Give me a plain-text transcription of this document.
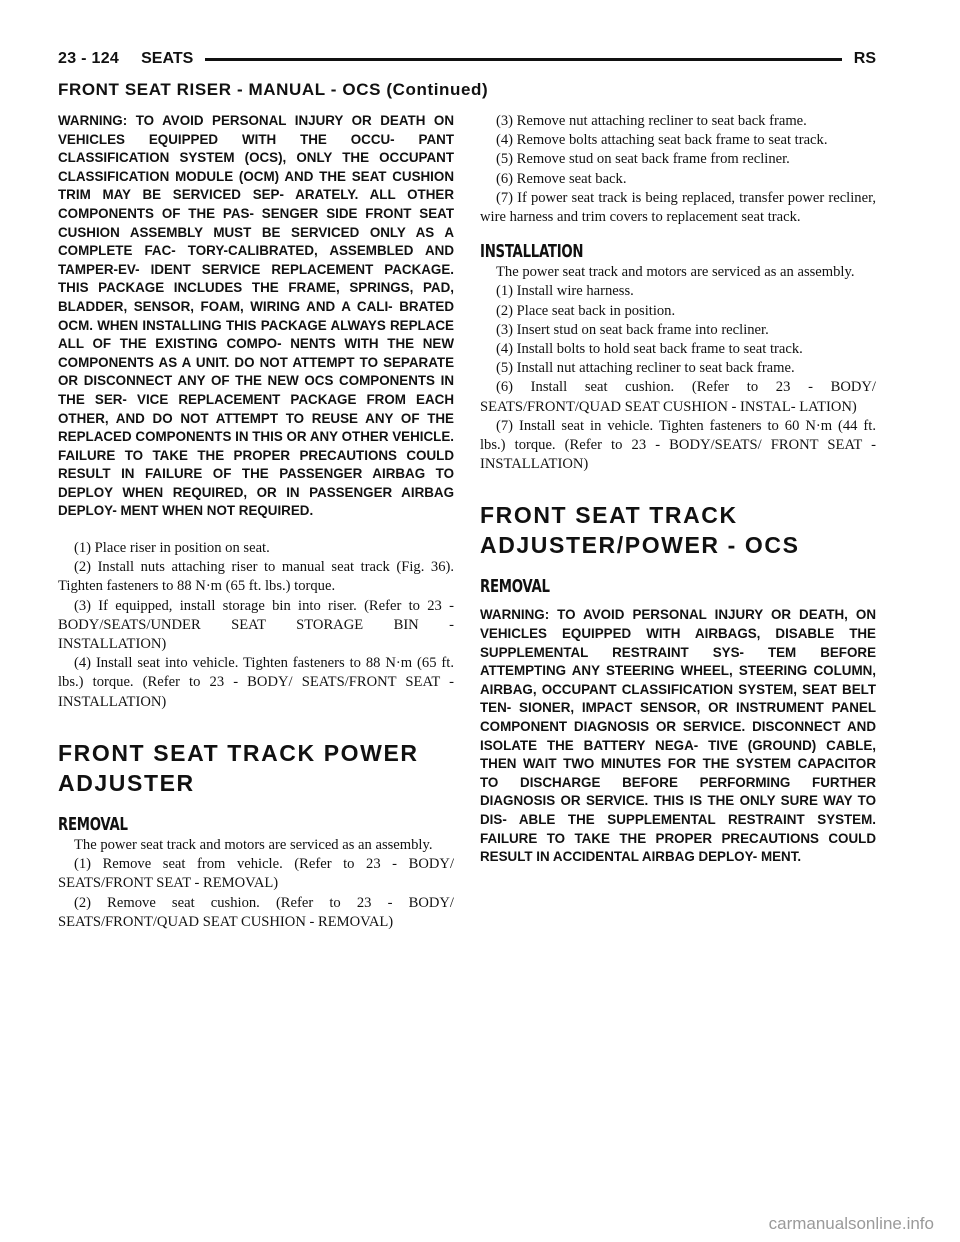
23 - 124 SEATS	RS
FRONT SEAT RISER - MANUAL - OCS (Continued)

WARNING: TO AVOID PERSONAL INJURY OR DEATH ON VEHICLES EQUIPPED WITH THE OCCU- PANT CLASSIFICATION SYSTEM (OCS), ONLY THE OCCUPANT CLASSIFICATION MODULE (OCM) AND THE SEAT CUSHION TRIM MAY BE SERVICED SEP- ARATELY. ALL OTHER COMPONENTS OF THE PAS- SENGER SIDE FRONT SEAT CUSHION ASSEMBLY MUST BE SERVICED ONLY AS A COMPLETE FAC- TORY-CALIBRATED, ASSEMBLED AND TAMPER-EV- IDENT SERVICE REPLACEMENT PACKAGE. THIS PACKAGE INCLUDES THE FRAME, SPRINGS, PAD, BLADDER, SENSOR, FOAM, WIRING AND A CALI- BRATED OCM. WHEN INSTALLING THIS PACKAGE ALWAYS REPLACE ALL OF THE EXISTING COMPO- NENTS WITH THE NEW COMPONENTS AS A UNIT. DO NOT ATTEMPT TO SEPARATE OR DISCONNECT ANY OF THE NEW OCS COMPONENTS IN THE SER- VICE REPLACEMENT PACKAGE FROM EACH OTHER, AND DO NOT ATTEMPT TO REUSE ANY OF THE REPLACED COMPONENTS IN THIS OR ANY OTHER VEHICLE. FAILURE TO TAKE THE PROPER PRECAUTIONS COULD RESULT IN FAILURE OF THE PASSENGER AIRBAG TO DEPLOY WHEN REQUIRED, OR IN PASSENGER AIRBAG DEPLOY- MENT WHEN NOT REQUIRED.

(1) Place riser in position on seat.

(2) Install nuts attaching riser to manual seat track (Fig. 36). Tighten fasteners to 88 N·m (65 ft. lbs.) torque.

(3) If equipped, install storage bin into riser. (Refer to 23 - BODY/SEATS/UNDER SEAT STORAGE BIN - INSTALLATION)

(4) Install seat into vehicle. Tighten fasteners to 88 N·m (65 ft. lbs.) torque. (Refer to 23 - BODY/ SEATS/FRONT SEAT - INSTALLATION)

FRONT SEAT TRACK POWER
ADJUSTER

REMOVAL

The power seat track and motors are serviced as an assembly.

(1) Remove seat from vehicle. (Refer to 23 - BODY/ SEATS/FRONT SEAT - REMOVAL)

(2) Remove seat cushion. (Refer to 23 - BODY/ SEATS/FRONT/QUAD SEAT CUSHION - REMOVAL)

(3) Remove nut attaching recliner to seat back frame.

(4) Remove bolts attaching seat back frame to seat track.

(5) Remove stud on seat back frame from recliner.

(6) Remove seat back.

(7) If power seat track is being replaced, transfer power recliner, wire harness and trim covers to replacement seat track.

INSTALLATION

The power seat track and motors are serviced as an assembly.

(1) Install wire harness.

(2) Place seat back in position.

(3) Insert stud on seat back frame into recliner.

(4) Install bolts to hold seat back frame to seat track.

(5) Install nut attaching recliner to seat back frame.

(6) Install seat cushion. (Refer to 23 - BODY/ SEATS/FRONT/QUAD SEAT CUSHION - INSTAL- LATION)

(7) Install seat in vehicle. Tighten fasteners to 60 N·m (44 ft. lbs.) torque. (Refer to 23 - BODY/SEATS/ FRONT SEAT - INSTALLATION)

FRONT SEAT TRACK
ADJUSTER/POWER - OCS

REMOVAL

WARNING: TO AVOID PERSONAL INJURY OR DEATH, ON VEHICLES EQUIPPED WITH AIRBAGS, DISABLE THE SUPPLEMENTAL RESTRAINT SYS- TEM BEFORE ATTEMPTING ANY STEERING WHEEL, STEERING COLUMN, AIRBAG, OCCUPANT CLASSIFICATION SYSTEM, SEAT BELT TEN- SIONER, IMPACT SENSOR, OR INSTRUMENT PANEL COMPONENT DIAGNOSIS OR SERVICE. DISCONNECT AND ISOLATE THE BATTERY NEGA- TIVE (GROUND) CABLE, THEN WAIT TWO MINUTES FOR THE SYSTEM CAPACITOR TO DISCHARGE BEFORE PERFORMING FURTHER DIAGNOSIS OR SERVICE. THIS IS THE ONLY SURE WAY TO DIS- ABLE THE SUPPLEMENTAL RESTRAINT SYSTEM. FAILURE TO TAKE THE PROPER PRECAUTIONS COULD RESULT IN ACCIDENTAL AIRBAG DEPLOY- MENT.

carmanualsonline.info
